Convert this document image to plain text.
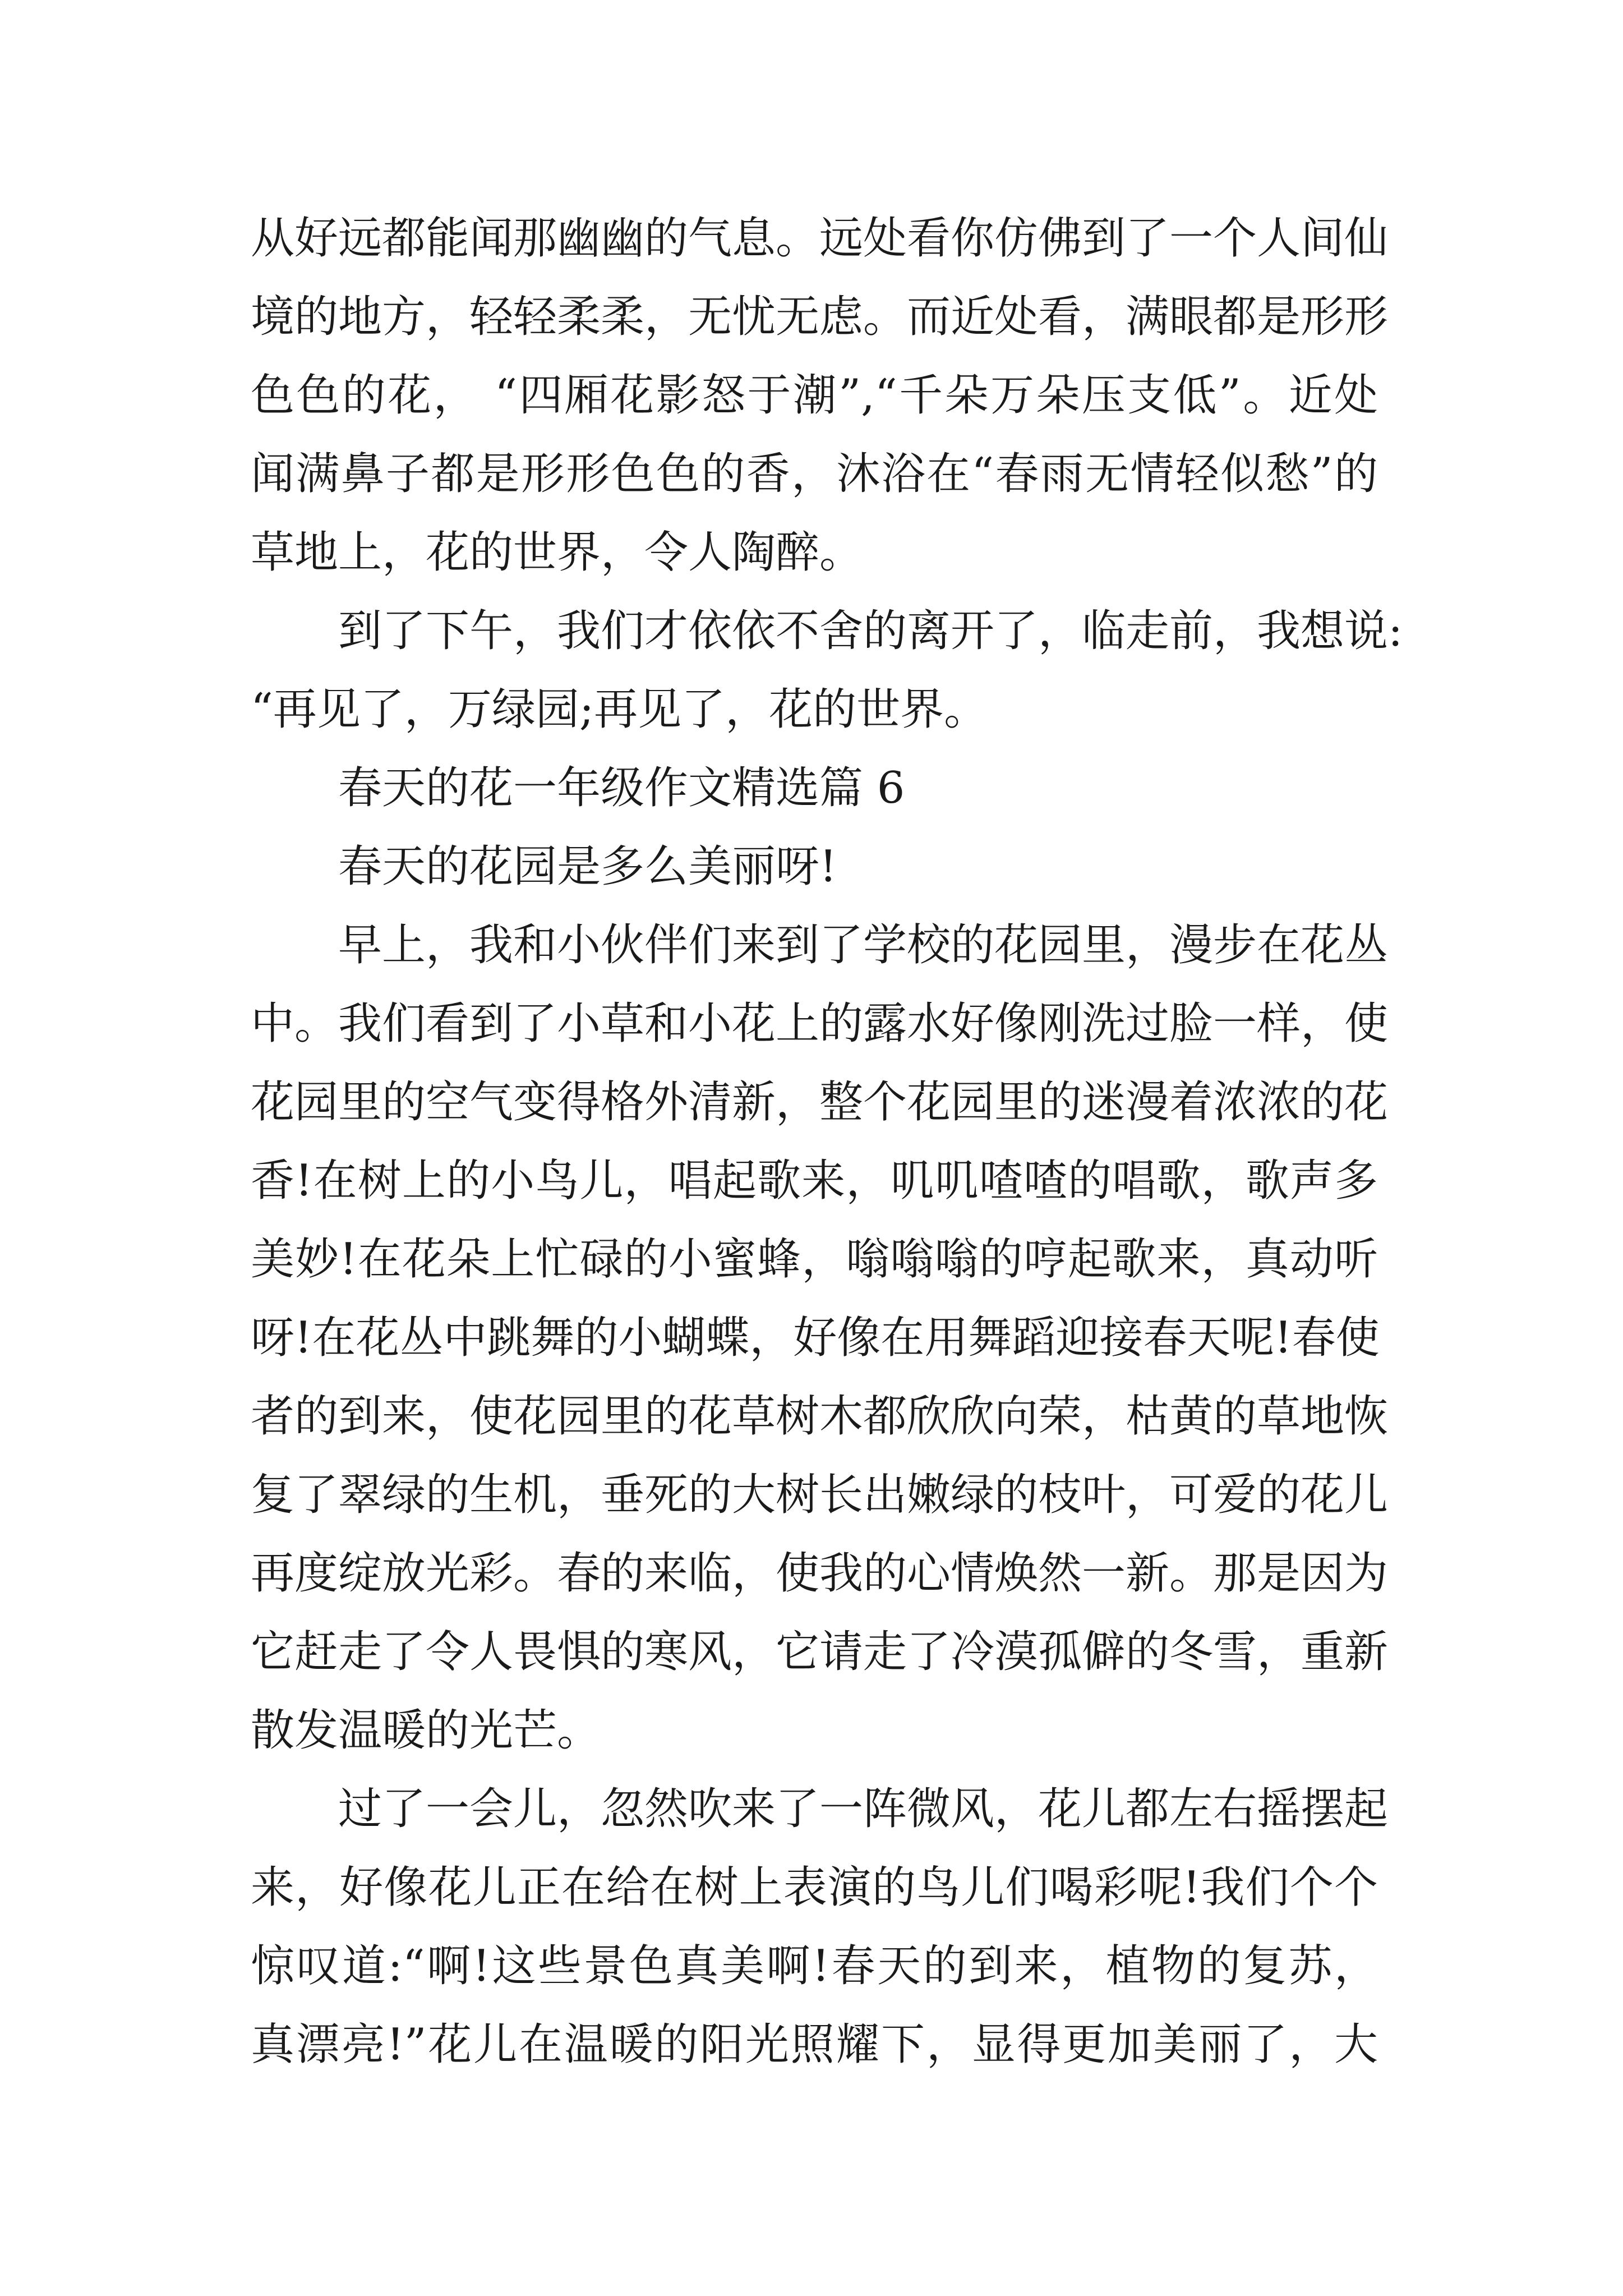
从好远都能闻那幽幽的气息。远处看你仿佛到了一个人间仙
境的地方，轻轻柔柔，无忧无虑。而近处看，满眼都是形形
色色的花， “四厢花影怒于潮”,“千朵万朵压支低”。近处
闻满鼻子都是形形色色的香，沐浴在“春雨无情轻似愁”的
草地上，花的世界，令人陶醉。
到了下午，我们才依依不舍的离开了，临走前，我想说:
“再见了，万绿园;再见了，花的世界。
春天的花一年级作文精选篇 6
春天的花园是多么美丽呀!
早上，我和小伙伴们来到了学校的花园里，漫步在花丛
中。我们看到了小草和小花上的露水好像刚洗过脸一样，使
花园里的空气变得格外清新，整个花园里的迷漫着浓浓的花
香!在树上的小鸟儿，唱起歌来，叽叽喳喳的唱歌，歌声多
美妙!在花朵上忙碌的小蜜蜂，嗡嗡嗡的哼起歌来，真动听
呀!在花丛中跳舞的小蝴蝶，好像在用舞蹈迎接春天呢!春使
者的到来，使花园里的花草树木都欣欣向荣，枯黄的草地恢
复了翠绿的生机，垂死的大树长出嫩绿的枝叶，可爱的花儿
再度绽放光彩。春的来临，使我的心情焕然一新。那是因为
它赶走了令人畏惧的寒风，它请走了冷漠孤僻的冬雪，重新
散发温暖的光芒。
过了一会儿，忽然吹来了一阵微风，花儿都左右摇摆起
来，好像花儿正在给在树上表演的鸟儿们喝彩呢!我们个个
惊叹道:“啊!这些景色真美啊!春天的到来，植物的复苏，
真漂亮!”花儿在温暖的阳光照耀下，显得更加美丽了，大
